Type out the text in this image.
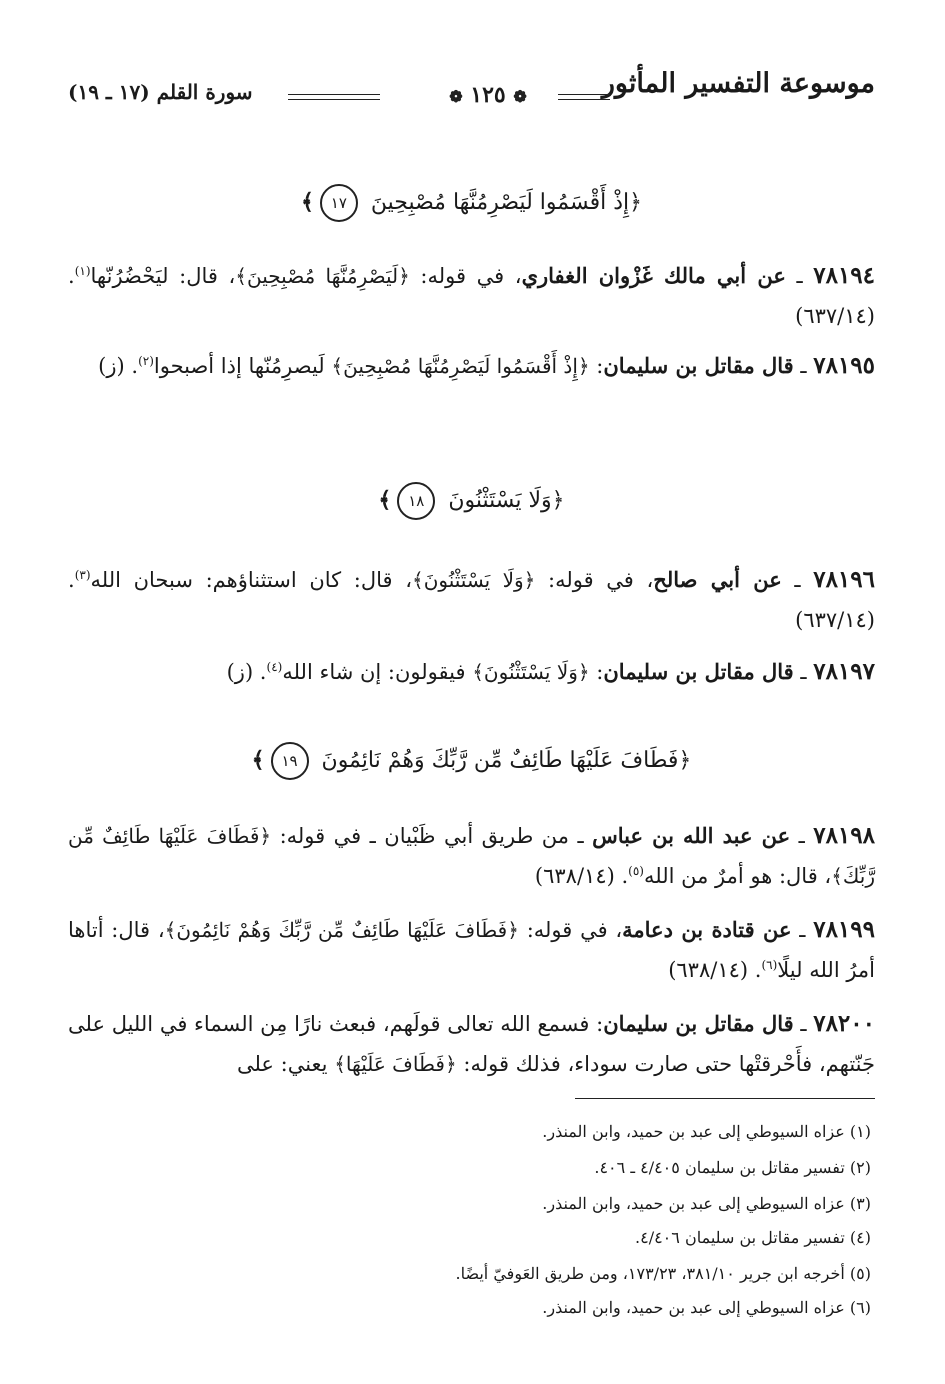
موسوعة التفسير المأثور
❁ ١٢٥ ❁
سورة القلم (١٧ ـ ١٩)
﴿إِذْ أَقْسَمُوا لَيَصْرِمُنَّهَا مُصْبِحِينَ ١٧﴾
٧٨١٩٤ ـ عن أبي مالك غَزْوان الغفاري، في قوله: ﴿لَيَصْرِمُنَّهَا مُصْبِحِينَ﴾، قال: ليَحْضُرُنّها$^{(١)}$. (٦٣٧/١٤)
٧٨١٩٥ ـ قال مقاتل بن سليمان: ﴿إِذْ أَقْسَمُوا لَيَصْرِمُنَّهَا مُصْبِحِينَ﴾ لَيصرِمُنّها إذا أصبحوا$^{(٢)}$. (ز)
﴿وَلَا يَسْتَثْنُونَ ١٨﴾
٧٨١٩٦ ـ عن أبي صالح، في قوله: ﴿وَلَا يَسْتَثْنُونَ﴾، قال: كان استثناؤهم: سبحان الله$^{(٣)}$. (٦٣٧/١٤)
٧٨١٩٧ ـ قال مقاتل بن سليمان: ﴿وَلَا يَسْتَثْنُونَ﴾ فيقولون: إن شاء الله$^{(٤)}$. (ز)
﴿فَطَافَ عَلَيْهَا طَائِفٌ مِّن رَّبِّكَ وَهُمْ نَائِمُونَ ١٩﴾
٧٨١٩٨ ـ عن عبد الله بن عباس ـ من طريق أبي ظَبْيان ـ في قوله: ﴿فَطَافَ عَلَيْهَا طَائِفٌ مِّن رَّبِّكَ﴾، قال: هو أمرٌ من الله$^{(٥)}$. (٦٣٨/١٤)
٧٨١٩٩ ـ عن قتادة بن دعامة، في قوله: ﴿فَطَافَ عَلَيْهَا طَائِفٌ مِّن رَّبِّكَ وَهُمْ نَائِمُونَ﴾، قال: أتاها أمرُ الله ليلًا$^{(٦)}$. (٦٣٨/١٤)
٧٨٢٠٠ ـ قال مقاتل بن سليمان: فسمع الله تعالى قولَهم، فبعث نارًا مِن السماء في الليل على جَنّتهم، فأَحْرقتْها حتى صارت سوداء، فذلك قوله: ﴿فَطَافَ عَلَيْهَا﴾ يعني: على
(١) عزاه السيوطي إلى عبد بن حميد، وابن المنذر.
(٢) تفسير مقاتل بن سليمان ٤/٤٠٥ ـ ٤٠٦.
(٣) عزاه السيوطي إلى عبد بن حميد، وابن المنذر.
(٤) تفسير مقاتل بن سليمان ٤/٤٠٦.
(٥) أخرجه ابن جرير ٣٨١/١٠، ١٧٣/٢٣، ومن طريق العَوفيّ أيضًا.
(٦) عزاه السيوطي إلى عبد بن حميد، وابن المنذر.
